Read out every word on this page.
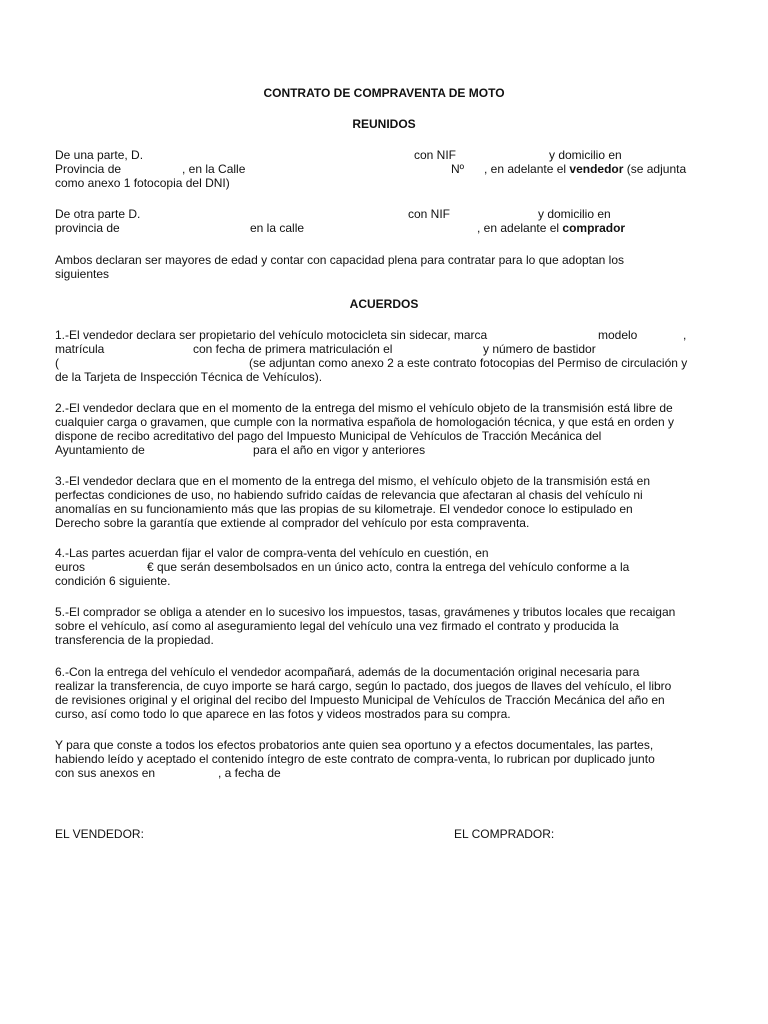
CONTRATO DE COMPRAVENTA DE MOTO
REUNIDOS
De una parte, D.	con NIF	y domicilio en
Provincia de	, en la Calle	Nº , en adelante el vendedor (se adjunta
como anexo 1 fotocopia del DNI)
De otra parte D.	con NIF	y domicilio en
provincia de	en la calle	, en adelante el comprador
Ambos declaran ser mayores de edad y contar con capacidad plena para contratar para lo que adoptan los
siguientes
ACUERDOS
1.-El vendedor declara ser propietario del vehículo motocicleta sin sidecar, marca	modelo	,
matrícula	con fecha de primera matriculación el	y número de bastidor
(	(se adjuntan como anexo 2 a este contrato fotocopias del Permiso de circulación y
de la Tarjeta de Inspección Técnica de Vehículos).
2.-El vendedor declara que en el momento de la entrega del mismo el vehículo objeto de la transmisión está libre de
cualquier carga o gravamen, que cumple con la normativa española de homologación técnica, y que está en orden y
dispone de recibo acreditativo del pago del Impuesto Municipal de Vehículos de Tracción Mecánica del
Ayuntamiento de	para el año en vigor y anteriores
3.-El vendedor declara que en el momento de la entrega del mismo, el vehículo objeto de la transmisión está en
perfectas condiciones de uso, no habiendo sufrido caídas de relevancia que afectaran al chasis del vehículo ni
anomalías en su funcionamiento más que las propias de su kilometraje. El vendedor conoce lo estipulado en
Derecho sobre la garantía que extiende al comprador del vehículo por esta compraventa.
4.-Las partes acuerdan fijar el valor de compra-venta del vehículo en cuestión, en
euros	€ que serán desembolsados en un único acto, contra la entrega del vehículo conforme a la
condición 6 siguiente.
5.-El comprador se obliga a atender en lo sucesivo los impuestos, tasas, gravámenes y tributos locales que recaigan
sobre el vehículo, así como al aseguramiento legal del vehículo una vez firmado el contrato y producida la
transferencia de la propiedad.
6.-Con la entrega del vehículo el vendedor acompañará, además de la documentación original necesaria para
realizar la transferencia, de cuyo importe se hará cargo, según lo pactado, dos juegos de llaves del vehículo, el libro
de revisiones original y el original del recibo del Impuesto Municipal de Vehículos de Tracción Mecánica del año en
curso, así como todo lo que aparece en las fotos y videos mostrados para su compra.
Y para que conste a todos los efectos probatorios ante quien sea oportuno y a efectos documentales, las partes,
habiendo leído y aceptado el contenido íntegro de este contrato de compra-venta, lo rubrican por duplicado junto
con sus anexos en	, a fecha de
EL VENDEDOR:	EL COMPRADOR:
